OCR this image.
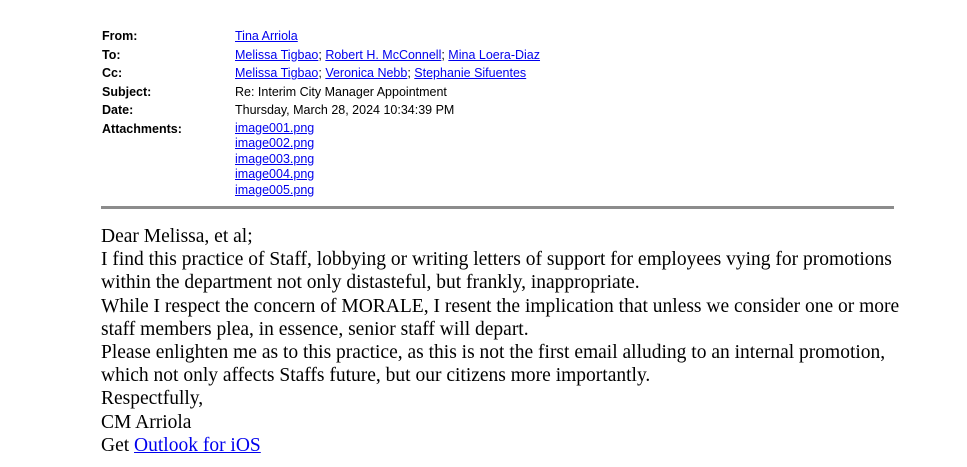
From:	Tina Arriola
To:	Melissa Tigbao; Robert H. McConnell; Mina Loera-Diaz
Cc:	Melissa Tigbao; Veronica Nebb; Stephanie Sifuentes
Subject:	Re: Interim City Manager Appointment
Date:	Thursday, March 28, 2024 10:34:39 PM
Attachments:	image001.png
image002.png
image003.png
image004.png
image005.png

Dear Melissa, et al;

I find this practice of Staff, lobbying or writing letters of support for employees vying for promotions within the department not only distasteful, but frankly, inappropriate.

While I respect the concern of MORALE, I resent the implication that unless we consider one or more staff members plea, in essence, senior staff will depart.

Please enlighten me as to this practice, as this is not the first email alluding to an internal promotion, which not only affects Staffs future, but our citizens more importantly.

Respectfully,

CM Arriola

Get Outlook for iOS
